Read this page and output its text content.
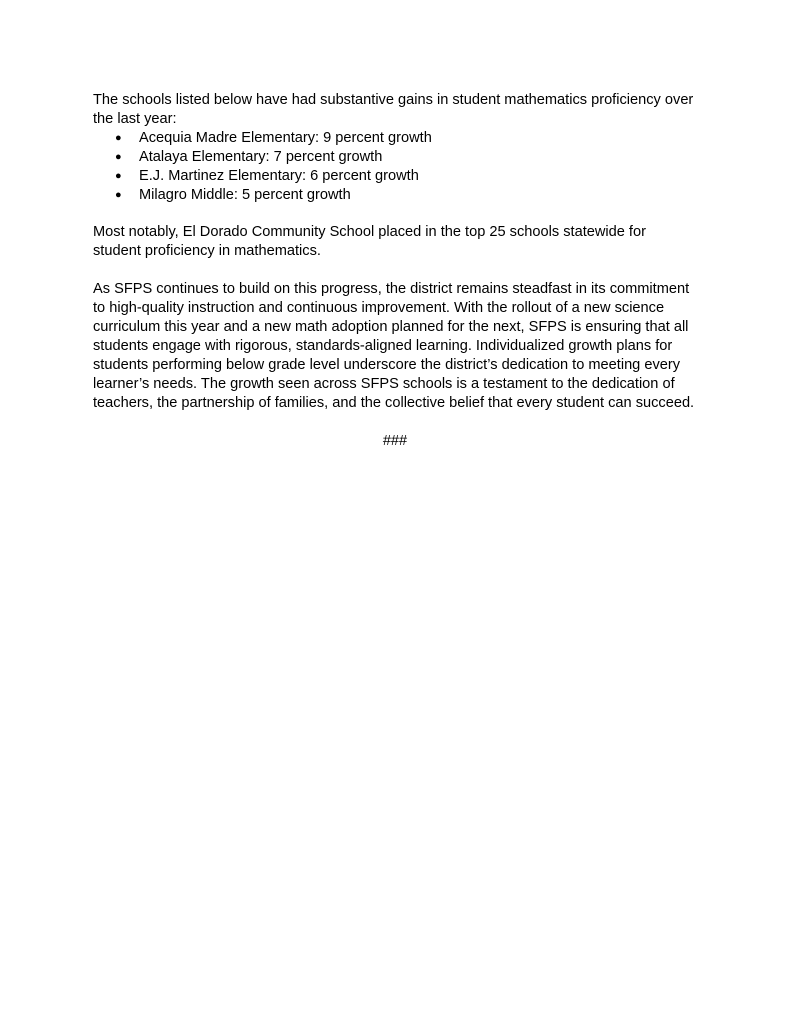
The schools listed below have had substantive gains in student mathematics proficiency over the last year:

● Acequia Madre Elementary: 9 percent growth
● Atalaya Elementary: 7 percent growth
● E.J. Martinez Elementary: 6 percent growth
● Milagro Middle: 5 percent growth

Most notably, El Dorado Community School placed in the top 25 schools statewide for student proficiency in mathematics.

As SFPS continues to build on this progress, the district remains steadfast in its commitment to high-quality instruction and continuous improvement. With the rollout of a new science curriculum this year and a new math adoption planned for the next, SFPS is ensuring that all students engage with rigorous, standards-aligned learning. Individualized growth plans for students performing below grade level underscore the district’s dedication to meeting every learner’s needs. The growth seen across SFPS schools is a testament to the dedication of teachers, the partnership of families, and the collective belief that every student can succeed.

###
